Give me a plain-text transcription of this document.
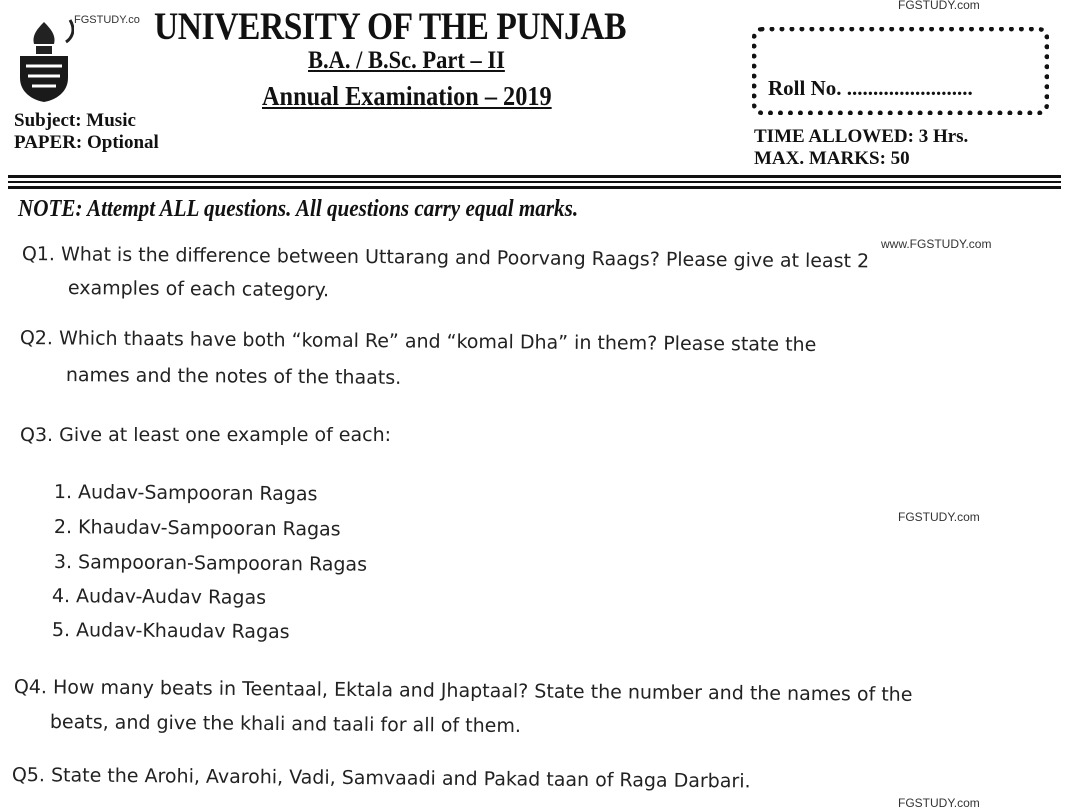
FGSTUDY.com
FGSTUDY.co
www.FGSTUDY.com
FGSTUDY.com
FGSTUDY.com
UNIVERSITY OF THE PUNJAB
B.A. / B.Sc. Part – II
Annual Examination – 2019
Subject: Music
PAPER: Optional
Roll No. ........................
TIME ALLOWED: 3 Hrs.
MAX. MARKS: 50
NOTE: Attempt ALL questions. All questions carry equal marks.
Q1. What is the difference between Uttarang and Poorvang Raags? Please give at least 2
examples of each category.
Q2. Which thaats have both “komal Re” and “komal Dha” in them? Please state the
names and the notes of the thaats.
Q3. Give at least one example of each:
1. Audav-Sampooran Ragas
2. Khaudav-Sampooran Ragas
3. Sampooran-Sampooran Ragas
4. Audav-Audav Ragas
5. Audav-Khaudav Ragas
Q4. How many beats in Teentaal, Ektala and Jhaptaal? State the number and the names of the
beats, and give the khali and taali for all of them.
Q5. State the Arohi, Avarohi, Vadi, Samvaadi and Pakad taan of Raga Darbari.
